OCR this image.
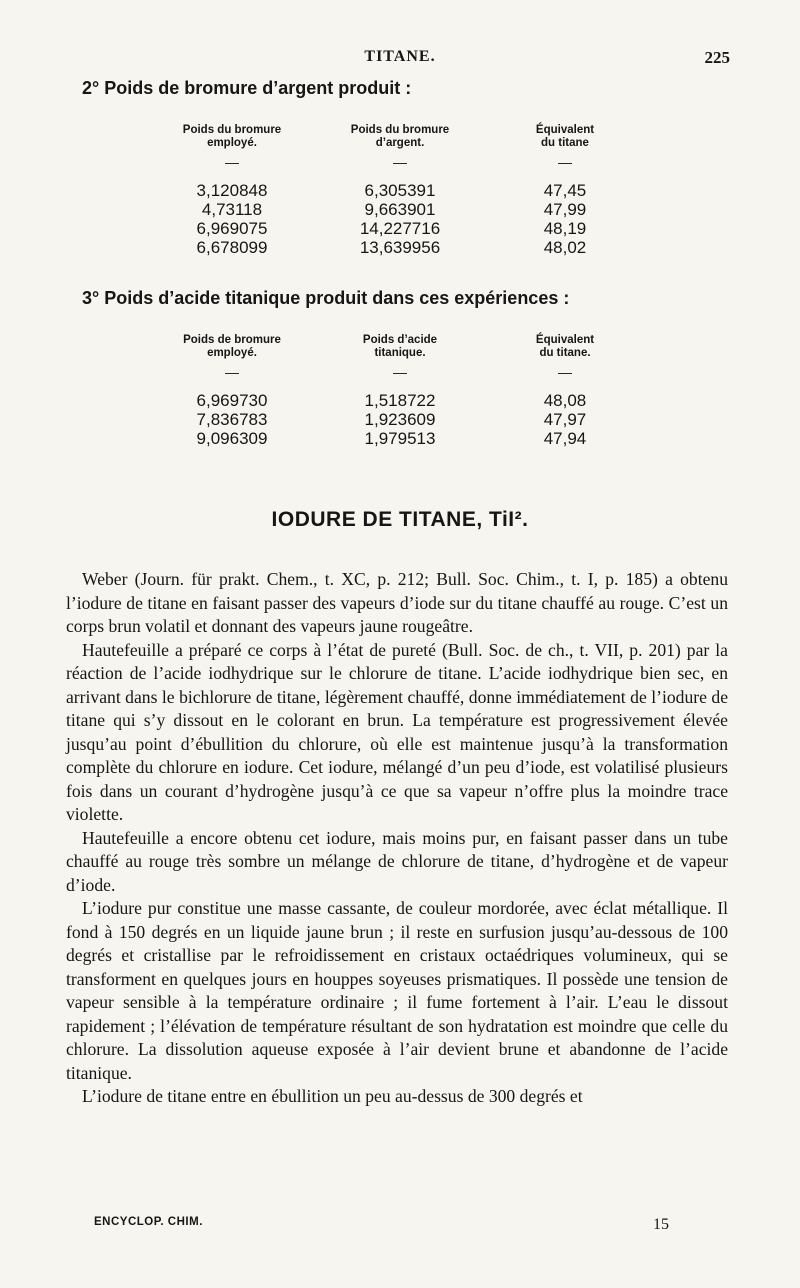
TITANE.	225
2° Poids de bromure d’argent produit :
Poids du bromure
employé.
—
3,120848
4,73118
6,969075
6,678099
Poids du bromure
d’argent.
—
6,305391
9,663901
14,227716
13,639956
Équivalent
du titane
—
47,45
47,99
48,19
48,02
3° Poids d’acide titanique produit dans ces expériences :
Poids de bromure
employé.
—
6,969730
7,836783
9,096309
Poids d’acide
titanique.
—
1,518722
1,923609
1,979513
Équivalent
du titane.
—
48,08
47,97
47,94
IODURE DE TITANE, TiI².

Weber (Journ. für prakt. Chem., t. XC, p. 212; Bull. Soc. Chim., t. I, p. 185) a obtenu l’iodure de titane en faisant passer des vapeurs d’iode sur du titane chauffé au rouge. C’est un corps brun volatil et donnant des vapeurs jaune rougeâtre.

Hautefeuille a préparé ce corps à l’état de pureté (Bull. Soc. de ch., t. VII, p. 201) par la réaction de l’acide iodhydrique sur le chlorure de titane. L’acide iodhydrique bien sec, en arrivant dans le bichlorure de titane, légèrement chauffé, donne immédiatement de l’iodure de titane qui s’y dissout en le colorant en brun. La température est progressivement élevée jusqu’au point d’ébullition du chlorure, où elle est maintenue jusqu’à la transformation complète du chlorure en iodure. Cet iodure, mélangé d’un peu d’iode, est volatilisé plusieurs fois dans un courant d’hydrogène jusqu’à ce que sa vapeur n’offre plus la moindre trace violette.

Hautefeuille a encore obtenu cet iodure, mais moins pur, en faisant passer dans un tube chauffé au rouge très sombre un mélange de chlorure de titane, d’hydrogène et de vapeur d’iode.

L’iodure pur constitue une masse cassante, de couleur mordorée, avec éclat métallique. Il fond à 150 degrés en un liquide jaune brun ; il reste en surfusion jusqu’au-dessous de 100 degrés et cristallise par le refroidissement en cristaux octaédriques volumineux, qui se transforment en quelques jours en houppes soyeuses prismatiques. Il possède une tension de vapeur sensible à la température ordinaire ; il fume fortement à l’air. L’eau le dissout rapidement ; l’élévation de température résultant de son hydratation est moindre que celle du chlorure. La dissolution aqueuse exposée à l’air devient brune et abandonne de l’acide titanique.

L’iodure de titane entre en ébullition un peu au-dessus de 300 degrés et

ENCYCLOP. CHIM.	15
